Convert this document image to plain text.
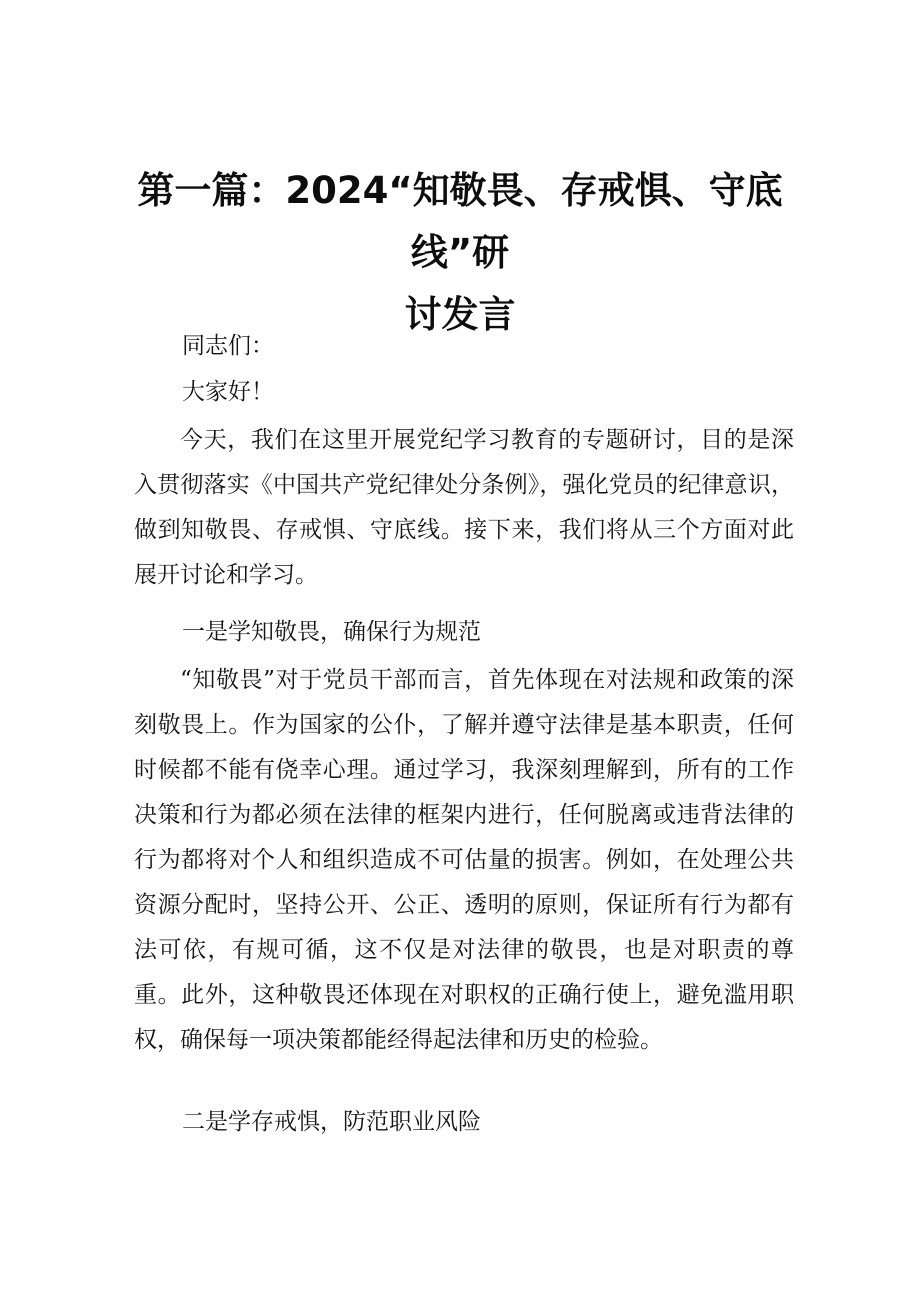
第一篇：2024“知敬畏、存戒惧、守底线”研
讨发言
同志们：
大家好！

今天，我们在这里开展党纪学习教育的专题研讨，目的是深入贯彻落实《中国共产党纪律处分条例》，强化党员的纪律意识，做到知敬畏、存戒惧、守底线。接下来，我们将从三个方面对此展开讨论和学习。

一是学知敬畏，确保行为规范

“知敬畏”对于党员干部而言，首先体现在对法规和政策的深刻敬畏上。作为国家的公仆，了解并遵守法律是基本职责，任何时候都不能有侥幸心理。通过学习，我深刻理解到，所有的工作决策和行为都必须在法律的框架内进行，任何脱离或违背法律的行为都将对个人和组织造成不可估量的损害。例如，在处理公共资源分配时，坚持公开、公正、透明的原则，保证所有行为都有法可依，有规可循，这不仅是对法律的敬畏，也是对职责的尊重。此外，这种敬畏还体现在对职权的正确行使上，避免滥用职权，确保每一项决策都能经得起法律和历史的检验。

二是学存戒惧，防范职业风险
